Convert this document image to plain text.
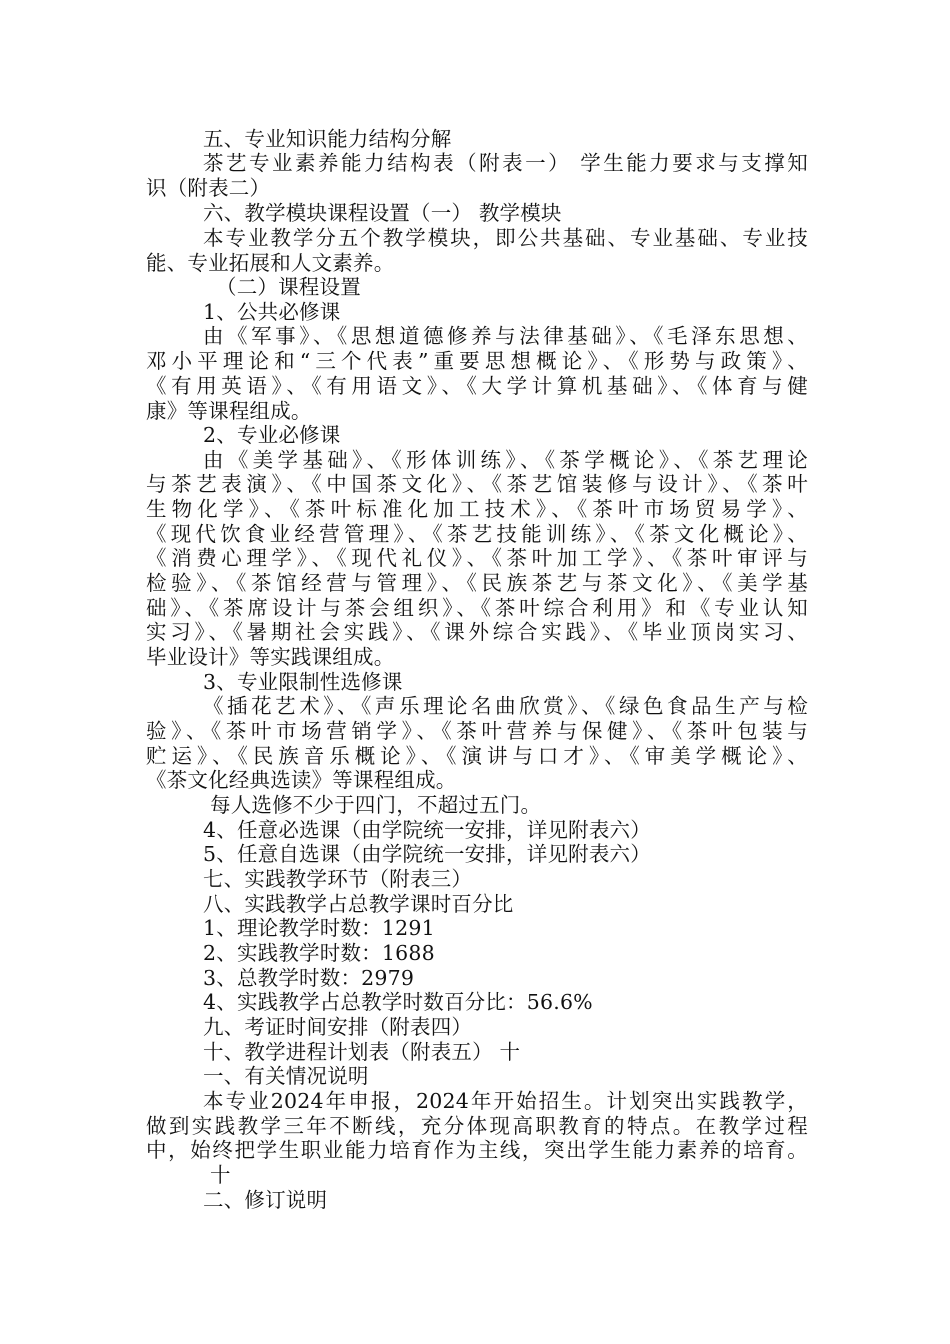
五、专业知识能力结构分解
茶艺专业素养能力结构表（附表一） 学生能力要求与支撑知
识（附表二）
六、教学模块课程设置（一） 教学模块
本专业教学分五个教学模块，即公共基础、专业基础、专业技
能、专业拓展和人文素养。
（二）课程设置
1、公共必修课
由《军事》、《思想道德修养与法律基础》、《毛泽东思想、
邓小平理论和“三个代表”重要思想概论》、《形势与政策》、
《有用英语》、《有用语文》、《大学计算机基础》、《体育与健
康》等课程组成。
2、专业必修课
由《美学基础》、《形体训练》、《茶学概论》、《茶艺理论
与茶艺表演》、《中国茶文化》、《茶艺馆装修与设计》、《茶叶
生物化学》、《茶叶标准化加工技术》、《茶叶市场贸易学》、
《现代饮食业经营管理》、《茶艺技能训练》、《茶文化概论》、
《消费心理学》、《现代礼仪》、《茶叶加工学》、《茶叶审评与
检验》、《茶馆经营与管理》、《民族茶艺与茶文化》、《美学基
础》、《茶席设计与茶会组织》、《茶叶综合利用》和《专业认知
实习》、《暑期社会实践》、《课外综合实践》、《毕业顶岗实习、
毕业设计》等实践课组成。
3、专业限制性选修课
《插花艺术》、《声乐理论名曲欣赏》、《绿色食品生产与检
验》、《茶叶市场营销学》、《茶叶营养与保健》、《茶叶包装与
贮运》、《民族音乐概论》、《演讲与口才》、《审美学概论》、
《茶文化经典选读》等课程组成。
每人选修不少于四门，不超过五门。
4、任意必选课（由学院统一安排，详见附表六）
5、任意自选课（由学院统一安排，详见附表六）
七、实践教学环节（附表三）
八、实践教学占总教学课时百分比
1、理论教学时数：1291
2、实践教学时数：1688
3、总教学时数：2979
4、实践教学占总教学时数百分比：56.6%
九、考证时间安排（附表四）
十、教学进程计划表（附表五） 十
一、有关情况说明
本专业2024年申报，2024年开始招生。计划突出实践教学，
做到实践教学三年不断线，充分体现高职教育的特点。在教学过程
中，始终把学生职业能力培育作为主线，突出学生能力素养的培育。
十
二、修订说明
